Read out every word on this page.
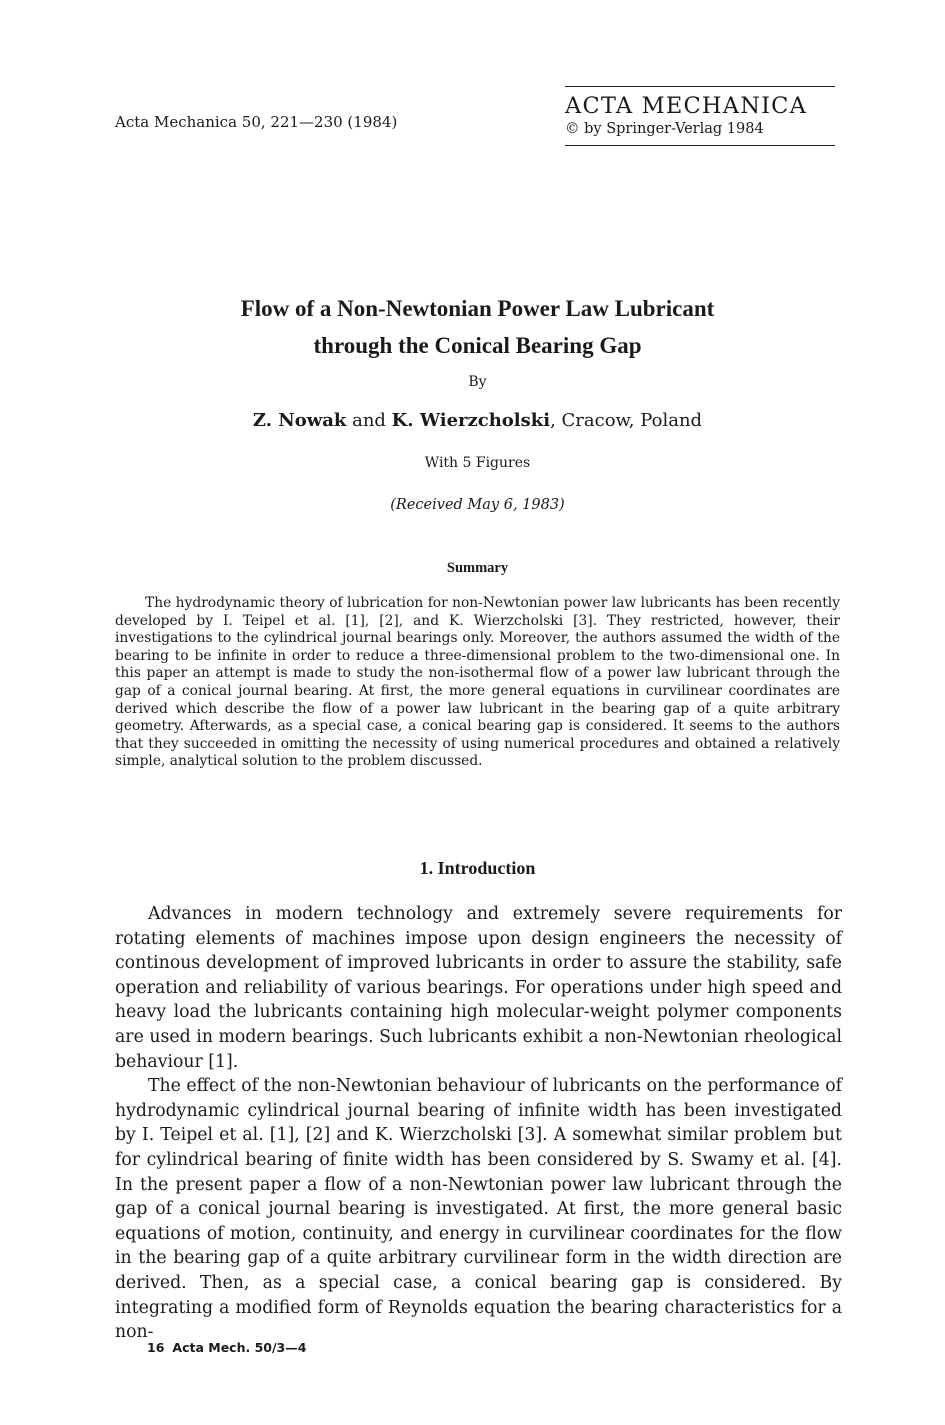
Acta Mechanica 50, 221—230 (1984)
ACTA MECHANICA
© by Springer-Verlag 1984
Flow of a Non-Newtonian Power Law Lubricant
through the Conical Bearing Gap
By
Z. Nowak and K. Wierzcholski, Cracow, Poland
With 5 Figures
(Received May 6, 1983)
Summary
The hydrodynamic theory of lubrication for non-Newtonian power law lubricants has been recently developed by I. Teipel et al. [1], [2], and K. Wierzcholski [3]. They restricted, however, their investigations to the cylindrical journal bearings only. Moreover, the authors assumed the width of the bearing to be infinite in order to reduce a three-dimensional problem to the two-dimensional one. In this paper an attempt is made to study the non-isothermal flow of a power law lubricant through the gap of a conical journal bearing. At first, the more general equations in curvilinear coordinates are derived which describe the flow of a power law lubricant in the bearing gap of a quite arbitrary geometry. Afterwards, as a special case, a conical bearing gap is considered. It seems to the authors that they succeeded in omitting the necessity of using numerical procedures and obtained a relatively simple, analytical solution to the problem discussed.
1. Introduction

Advances in modern technology and extremely severe requirements for rotating elements of machines impose upon design engineers the necessity of continous development of improved lubricants in order to assure the stability, safe operation and reliability of various bearings. For operations under high speed and heavy load the lubricants containing high molecular-weight polymer components are used in modern bearings. Such lubricants exhibit a non-Newtonian rheological behaviour [1].

The effect of the non-Newtonian behaviour of lubricants on the performance of hydrodynamic cylindrical journal bearing of infinite width has been investigated by I. Teipel et al. [1], [2] and K. Wierzcholski [3]. A somewhat similar problem but for cylindrical bearing of finite width has been considered by S. Swamy et al. [4]. In the present paper a flow of a non-Newtonian power law lubricant through the gap of a conical journal bearing is investigated. At first, the more general basic equations of motion, continuity, and energy in curvilinear coordinates for the flow in the bearing gap of a quite arbitrary curvilinear form in the width direction are derived. Then, as a special case, a conical bearing gap is considered. By integrating a modified form of Reynolds equation the bearing characteristics for a non-

16 Acta Mech. 50/3—4
